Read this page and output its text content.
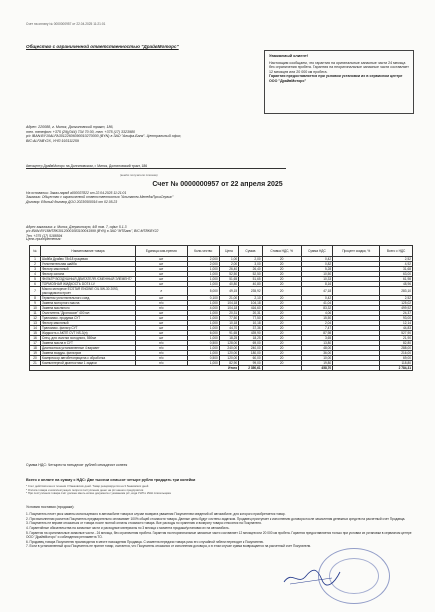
Счет на оплату № 0000000957 от 22.04.2025 11:21:01
Общество с ограниченной ответственностью "ДрайвМоторс"
Уважаемый клиент!
Настоящим сообщаем, что гарантия на оригинальные запасные части 24 месяца без ограничения пробега. Гарантия на неоригинальные запасные части составляет 12 месяцев или 20 000 км пробега.
Гарантия предоставляется при условии установки их в сервисном центре ООО "ДрайвМоторс"
Адрес: 220088, г. Минск, Долгиновский тракт, 186,
тел. телефон: +375 (29)(044) 734 70 00, тел. +375 (17) 3323980
р/с IBAN:BY10ALFA30122606090010270000 (BYN) в ЗАО "Альфа-Банк". Центральный офис,
BIC:ALFABY2X, УНП:193111259
Автоцентр ДрайвМоторс на Долгиновском, г. Минск, Долгиновский тракт, 186
(кем/из получатели платежа)
Счет № 0000000957 от 22 апреля 2025
На основании: Заказ-наряд а000037822 от 22.04.2025 11:21:01
Заказчик: Общество с ограниченной ответственностью "Альтатек-МенеджПроиСервис"
Договор: Единый договор ДОО 20230500016 от 02.05.23
Адрес заказчика: г. Минск, Дзержинскую, 4/8 пом. 7, офис 5.1.3
р/с IBAN:BY18MTBK30120001083100041999 (BYN) в ЗАО "МТБанк", BIC:MTBKBY22
Тел. +375 (17) 5188594
Цель приобретения:
№	Наименование товара	Единица изм-ерения	Коли-чество	Цена	Сумма	Ставка НДС, %	Сумма НДС	Процент скидки, %	Всего с НДС
1	Шайба Драйво 78х18 грацевая	шт	2,000	1,00	2,00	20	0,42		2,52
2	Уплотнительная шайба	шт	2,000	2,00	3,00	20	0,82		4,92
3	Фильтр масляный	шт	1,000	26,40	26,40	20	5,28		31,68
4	Фильтр салона	шт	1,000	52,50	52,50	20	10,50		63,00
5	ФИЛЬТР ВОЗДУШНЫЙ ДВИГАТЕЛЯ /СМЕННЫЙ ЭЛЕМЕНТ/	шт	1,000	51,65	51,65	20	10,33		61,98
6	ТОРМОЗНАЯ ЖИДКОСТЬ DOT4 LV	шт	1,000	40,80	40,80	20	8,16		48,96
7	Масло моторное ECSTAR ENGINE OIL 5W-30 2093, расходомотостроет	л	5,000	49,15	235,92	20	47,18		283,10
8	Герметик уплотнительного соед.	шт	0,100	21,00	2,10	20	0,42		2,52
9	Замена моторного масла	н/ч	1,000	104,18	104,18	20	41,04		125,02
10	Замена масляного	н/ч	4,000	104,18	416,60	20	83,32		499,92
11	Очиститель "Дроноскоп" 400 мл	шт	1,000	20,31	20,31	20	4,06		24,37
12	Трансмисс. продувка СУТ	шт	1,000	77,50	77,50	20	15,50		93,00
13	Фильтр масляный	шт	1,000	10,18	10,18	20	2,04		12,14
14	Трансмисс. фильтр СУТ	шт	1,000	44,70	37,36	20	7,47		44,83
15	Жидкость к АКПП CVT NS-3(л)	шт	6,000	91,65	439,90	20	87,98		527,90
16	Спец. для очистки холодного, 550мл	шт	1,000	18,25	18,25	20	3,65		21,90
17	Замена масла в СУТ	н/ч	0,500	128,00	69,00	20	13,80		82,80
18	Диагностика установленные 4 вариант	н/ч	1,000	240,00	240,00	20	48,00		288,00
19	Замена воздуш. фильтров	н/ч	1,000	120,00	180,00	20	36,00		216,00
20	Компрессор автобетоприцела с обработка	н/ч	0,500	120,00	60,00	20	10,00		69,00
21	Компьютерной диагностики 1 задачи	н/ч	1,000	82,90	99,00	20	19,80		118,80
Итого					2 350,61		458,70		2 784,31
Сумма НДС: Четыреста пятьдесят рублей семьдесят копеек
Всего к оплате на сумму с НДС: Две тысячи семьсот четыре рубля тридцать три копейки
* Счет действителен в течении 3 банковских дней. Товар резервируется на 3 банковских дней
* Оплата товара и комплектующих пепри в поступлении денег на р/с нашего предприятия
* При поступлении товара счёт должен иметь копию документа с указанием р/с, кода УНП и ИНН плательщика
Условия поставки (продажи):

1. Покупатель несет риск замены используемого в автомобиле товара в случае возврата уважения Покупателем сведений об автомобиле, для которого приобретается товар.

2. При выполнении расчетов Покупатель предварительно оплачивает 100% общей стоимости товара. Данные цены будут сочтены задатком. Продавец приступает к исполнению договора после зачисления денежных средств на расчетный счет Продавца.

3. Покупатель не вправе отказаться от товара после полной оплаты стоимости товара. Все расходы по хранению и возврату товара относятся на Покупателя.

4. Гарантийные обязательства на запасные части и расходные материалы по 3 месяца с момента продажи/установки их на автомобиль.

5. Гарантия на оригинальные запасные части - 24 месяца, без ограничения пробега. Гарантия на неоригинальные запасные части составляет 12 месяцев или 20 000 км пробега. Гарантия предоставляется только при условии их установки в сервисном центре ООО "ДрайвМоторс" и соблюдения регламента ТО.

6. Продавец товара Покупателю производится в месте нахождения Продавца. С момента передачи товара риск его случайной гибели переходит к Покупателю.

7. Если в установленный срок Покупатель не принят товар, считается, что Покупатель отказался от исполнения договора, и в этом случае сумма возвращается на расчетный счет Покупателя.
